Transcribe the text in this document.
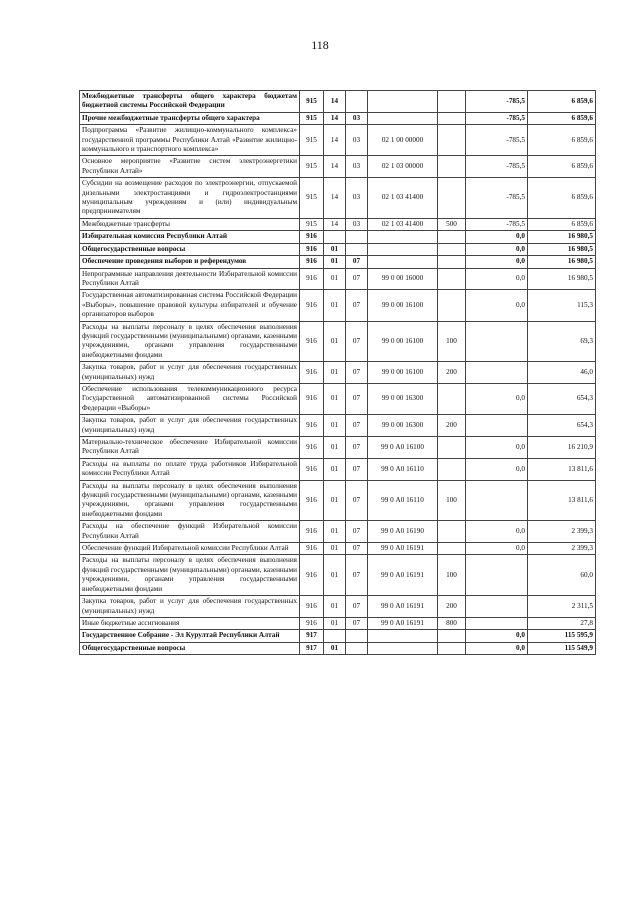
118
Межбюджетные трансферты общего характера бюджетам бюджетной системы Российской Федерации	915	14				-785,5	6 859,6
Прочие межбюджетные трансферты общего характера	915	14	03			-785,5	6 859,6
Подпрограмма «Развитие жилищно-коммунального комплекса» государственной программы Республики Алтай «Развитие жилищно-коммунального и транспортного комплекса»	915	14	03	02 1 00 00000		-785,5	6 859,6
Основное мероприятие «Развитие систем электроэнергетики Республики Алтай»	915	14	03	02 1 03 00000		-785,5	6 859,6
Субсидии на возмещение расходов по электроэнергии, отпускаемой дизельными электростанциями и гидроэлектростанциями муниципальным учреждениям и (или) индивидуальным предпринимателям	915	14	03	02 1 03 41400		-785,5	6 859,6
Межбюджетные трансферты	915	14	03	02 1 03 41400	500	-785,5	6 859,6
Избирательная комиссия Республики Алтай	916					0,0	16 980,5
Общегосударственные вопросы	916	01				0,0	16 980,5
Обеспечение проведения выборов и референдумов	916	01	07			0,0	16 980,5
Непрограммные направления деятельности Избирательной комиссии Республики Алтай	916	01	07	99 0 00 16000		0,0	16 980,5
Государственная автоматизированная система Российской Федерации «Выборы», повышение правовой культуры избирателей и обучение организаторов выборов	916	01	07	99 0 00 16100		0,0	115,3
Расходы на выплаты персоналу в целях обеспечения выполнения функций государственными (муниципальными) органами, казенными учреждениями, органами управления государственными внебюджетными фондами	916	01	07	99 0 00 16100	100		69,3
Закупка товаров, работ и услуг для обеспечения государственных (муниципальных) нужд	916	01	07	99 0 00 16100	200		46,0
Обеспечение использования телекоммуникационного ресурса Государственной автоматизированной системы Российской Федерации «Выборы»	916	01	07	99 0 00 16300		0,0	654,3
Закупка товаров, работ и услуг для обеспечения государственных (муниципальных) нужд	916	01	07	99 0 00 16300	200		654,3
Материально-техническое обеспечение Избирательной комиссии Республики Алтай	916	01	07	99 0 А0 16100		0,0	16 210,9
Расходы на выплаты по оплате труда работников Избирательной комиссии Республики Алтай	916	01	07	99 0 А0 16110		0,0	13 811,6
Расходы на выплаты персоналу в целях обеспечения выполнения функций государственными (муниципальными) органами, казенными учреждениями, органами управления государственными внебюджетными фондами	916	01	07	99 0 А0 16110	100		13 811,6
Расходы на обеспечение функций Избирательной комиссии Республики Алтай	916	01	07	99 0 А0 16190		0,0	2 399,3
Обеспечение функций Избирательной комиссии Республики Алтай	916	01	07	99 0 А0 16191		0,0	2 399,3
Расходы на выплаты персоналу в целях обеспечения выполнения функций государственными (муниципальными) органами, казенными учреждениями, органами управления государственными внебюджетными фондами	916	01	07	99 0 А0 16191	100		60,0
Закупка товаров, работ и услуг для обеспечения государственных (муниципальных) нужд	916	01	07	99 0 А0 16191	200		2 311,5
Иные бюджетные ассигнования	916	01	07	99 0 А0 16191	800		27,8
Государственное Собрание - Эл Курултай Республики Алтай	917					0,0	115 595,9
Общегосударственные вопросы	917	01				0,0	115 549,9
